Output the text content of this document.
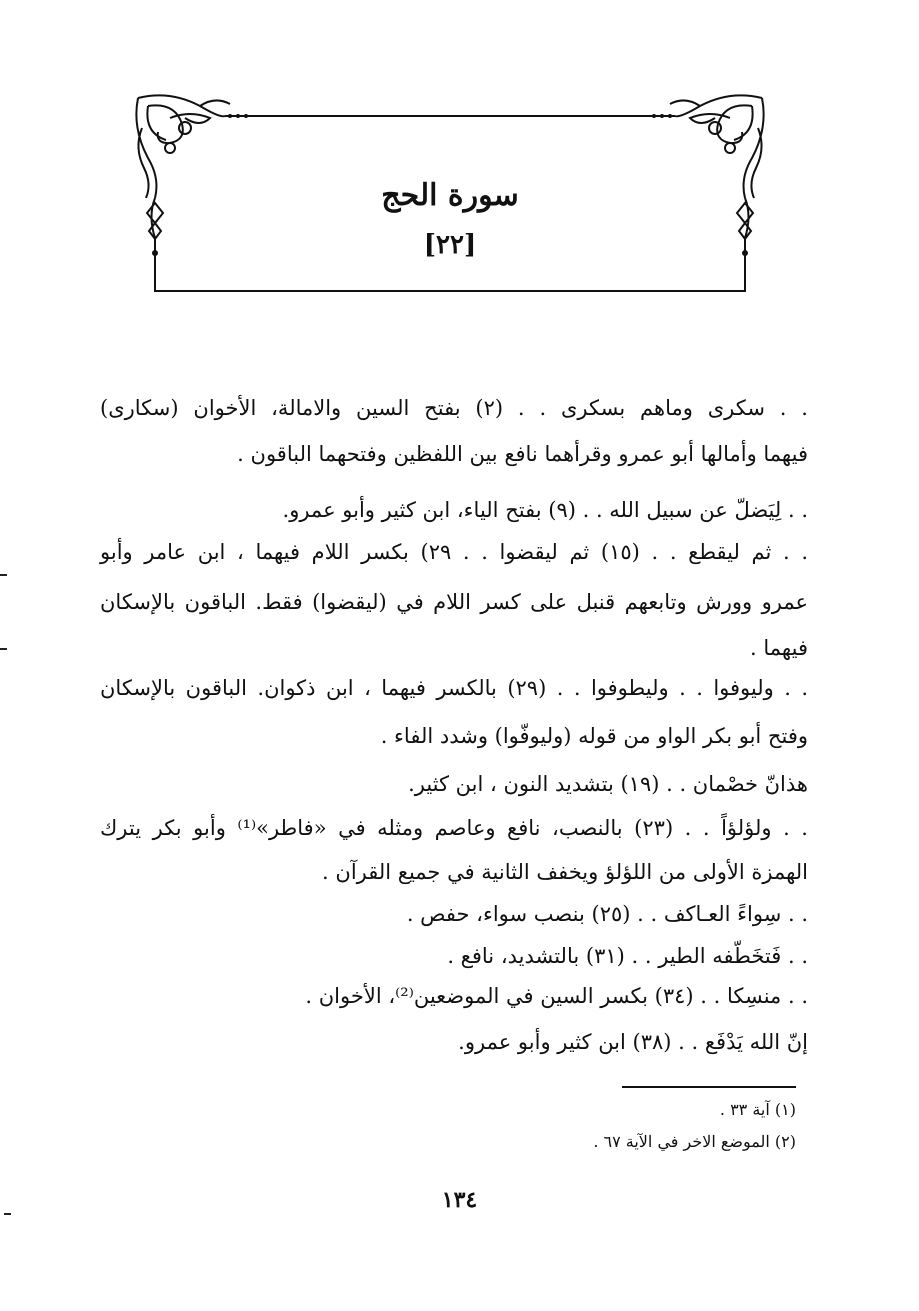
سورة الحج
[٢٢]
. . سكرى وماهم بسكرى . . (٢) بفتح السين والامالة، الأخوان (سكارى)
فيهما وأمالها أبو عمرو وقرأهما نافع بين اللفظين وفتحهما الباقون .
. . لِيَضلّ عن سبيل الله . . (٩) بفتح الياء، ابن كثير وأبو عمرو.
. . ثم ليقطع . . (١٥) ثم ليقضوا . . ٢٩) بكسر اللام فيهما ، ابن عامر وأبو
عمرو وورش وتابعهم قنبل على كسر اللام في (ليقضوا) فقط. الباقون بالإسكان
فيهما .
. . وليوفوا . . وليطوفوا . . (٢٩) بالكسر فيهما ، ابن ذكوان. الباقون بالإسكان
وفتح أبو بكر الواو من قوله (وليوفّوا) وشدد الفاء .
هذانّ خصْمان . . (١٩) بتشديد النون ، ابن كثير.
. . ولؤلؤاً . . (٢٣) بالنصب، نافع وعاصم ومثله في «فاطر»⁽¹⁾ وأبو بكر يترك
الهمزة الأولى من اللؤلؤ ويخفف الثانية في جميع القرآن .
. . سِواءً العـاكف . . (٢٥) بنصب سواء، حفص .
. . فَتخَطّفه الطير . . (٣١) بالتشديد، نافع .
. . منسِكا . . (٣٤) بكسر السين في الموضعين⁽²⁾، الأخوان .
إنّ الله يَدْفَع . . (٣٨) ابن كثير وأبو عمرو.
(١) آية ٣٣ .
(٢) الموضع الاخر في الآية ٦٧ .
١٣٤
